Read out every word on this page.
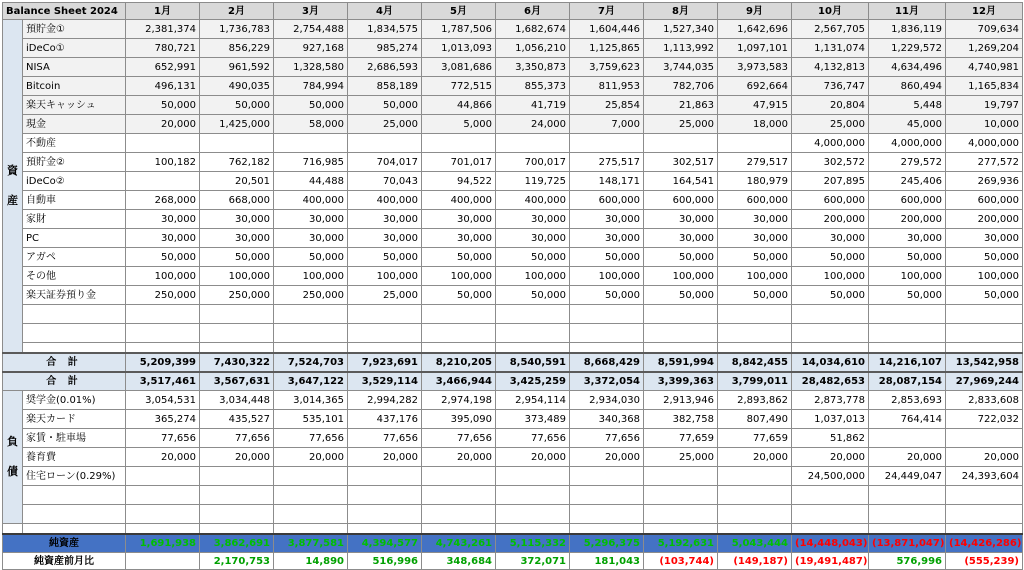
Balance Sheet 2024		1月	2月	3月	4月	5月	6月	7月	8月	9月	10月	11月	12月

資
産	預貯金①	2,381,374	1,736,783	2,754,488	1,834,575	1,787,506	1,682,674	1,604,446	1,527,340	1,642,696	2,567,705	1,836,119	709,634
	iDeCo①	780,721	856,229	927,168	985,274	1,013,093	1,056,210	1,125,865	1,113,992	1,097,101	1,131,074	1,229,572	1,269,204
	NISA	652,991	961,592	1,328,580	2,686,593	3,081,686	3,350,873	3,759,623	3,744,035	3,973,583	4,132,813	4,634,496	4,740,981
	Bitcoin	496,131	490,035	784,994	858,189	772,515	855,373	811,953	782,706	692,664	736,747	860,494	1,165,834
	楽天キャッシュ	50,000	50,000	50,000	50,000	44,866	41,719	25,854	21,863	47,915	20,804	5,448	19,797
	現金	20,000	1,425,000	58,000	25,000	5,000	24,000	7,000	25,000	18,000	25,000	45,000	10,000
	不動産										4,000,000	4,000,000	4,000,000
	預貯金②	100,182	762,182	716,985	704,017	701,017	700,017	275,517	302,517	279,517	302,572	279,572	277,572
	iDeCo②		20,501	44,488	70,043	94,522	119,725	148,171	164,541	180,979	207,895	245,406	269,936
	自動車	268,000	668,000	400,000	400,000	400,000	400,000	600,000	600,000	600,000	600,000	600,000	600,000
	家財	30,000	30,000	30,000	30,000	30,000	30,000	30,000	30,000	30,000	200,000	200,000	200,000
	PC	30,000	30,000	30,000	30,000	30,000	30,000	30,000	30,000	30,000	30,000	30,000	30,000
	アガペ	50,000	50,000	50,000	50,000	50,000	50,000	50,000	50,000	50,000	50,000	50,000	50,000
	その他	100,000	100,000	100,000	100,000	100,000	100,000	100,000	100,000	100,000	100,000	100,000	100,000
	楽天証券預り金	250,000	250,000	250,000	25,000	50,000	50,000	50,000	50,000	50,000	50,000	50,000	50,000

合 計		5,209,399	7,430,322	7,524,703	7,923,691	8,210,205	8,540,591	8,668,429	8,591,994	8,842,455	14,034,610	14,216,107	13,542,958
合 計		3,517,461	3,567,631	3,647,122	3,529,114	3,466,944	3,425,259	3,372,054	3,399,363	3,799,011	28,482,653	28,087,154	27,969,244

負
債	奨学金(0.01%)	3,054,531	3,034,448	3,014,365	2,994,282	2,974,198	2,954,114	2,934,030	2,913,946	2,893,862	2,873,778	2,853,693	2,833,608
	楽天カード	365,274	435,527	535,101	437,176	395,090	373,489	340,368	382,758	807,490	1,037,013	764,414	722,032
	家賃・駐車場	77,656	77,656	77,656	77,656	77,656	77,656	77,656	77,659	77,659	51,862		
	養育費	20,000	20,000	20,000	20,000	20,000	20,000	20,000	25,000	20,000	20,000	20,000	20,000
	住宅ローン(0.29%)										24,500,000	24,449,047	24,393,604

純資産		1,691,938	3,862,691	3,877,581	4,394,577	4,743,261	5,115,332	5,296,375	5,192,631	5,043,444	(14,448,043)	(13,871,047)	(14,426,286)
純資産前月比			2,170,753	14,890	516,996	348,684	372,071	181,043	(103,744)	(149,187)	(19,491,487)	576,996	(555,239)
